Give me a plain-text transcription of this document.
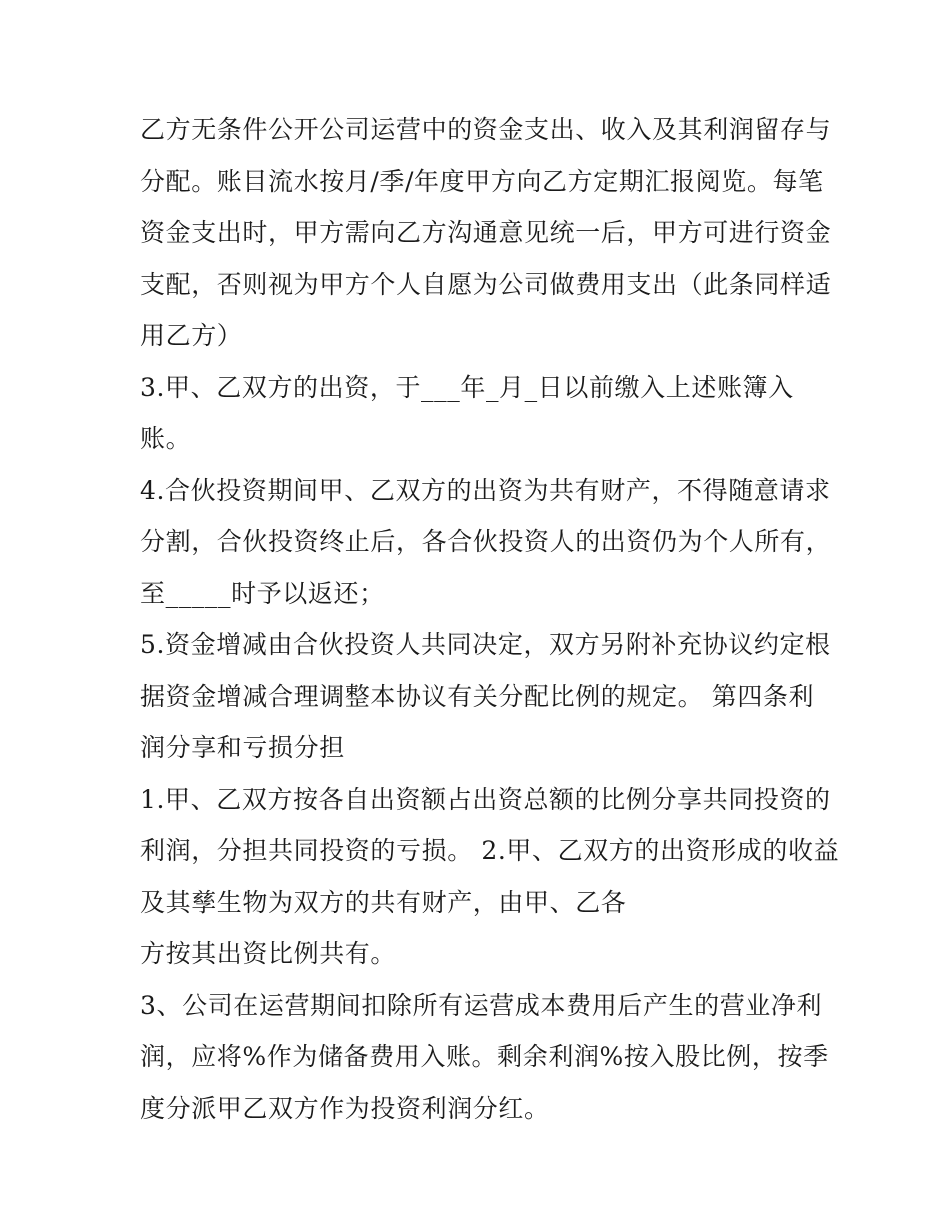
乙方无条件公开公司运营中的资金支出、收入及其利润留存与
分配。账目流水按月/季/年度甲方向乙方定期汇报阅览。每笔
资金支出时，甲方需向乙方沟通意见统一后，甲方可进行资金
支配，否则视为甲方个人自愿为公司做费用支出（此条同样适
用乙方）
3.甲、乙双方的出资，于___年_月_日以前缴入上述账簿入
账。
4.合伙投资期间甲、乙双方的出资为共有财产，不得随意请求
分割，合伙投资终止后，各合伙投资人的出资仍为个人所有，
至_____时予以返还；
5.资金增减由合伙投资人共同决定，双方另附补充协议约定根
据资金增减合理调整本协议有关分配比例的规定。 第四条利
润分享和亏损分担
1.甲、乙双方按各自出资额占出资总额的比例分享共同投资的
利润，分担共同投资的亏损。 2.甲、乙双方的出资形成的收益
及其孳生物为双方的共有财产，由甲、乙各
方按其出资比例共有。
3、公司在运营期间扣除所有运营成本费用后产生的营业净利
润，应将%作为储备费用入账。剩余利润%按入股比例，按季
度分派甲乙双方作为投资利润分红。
